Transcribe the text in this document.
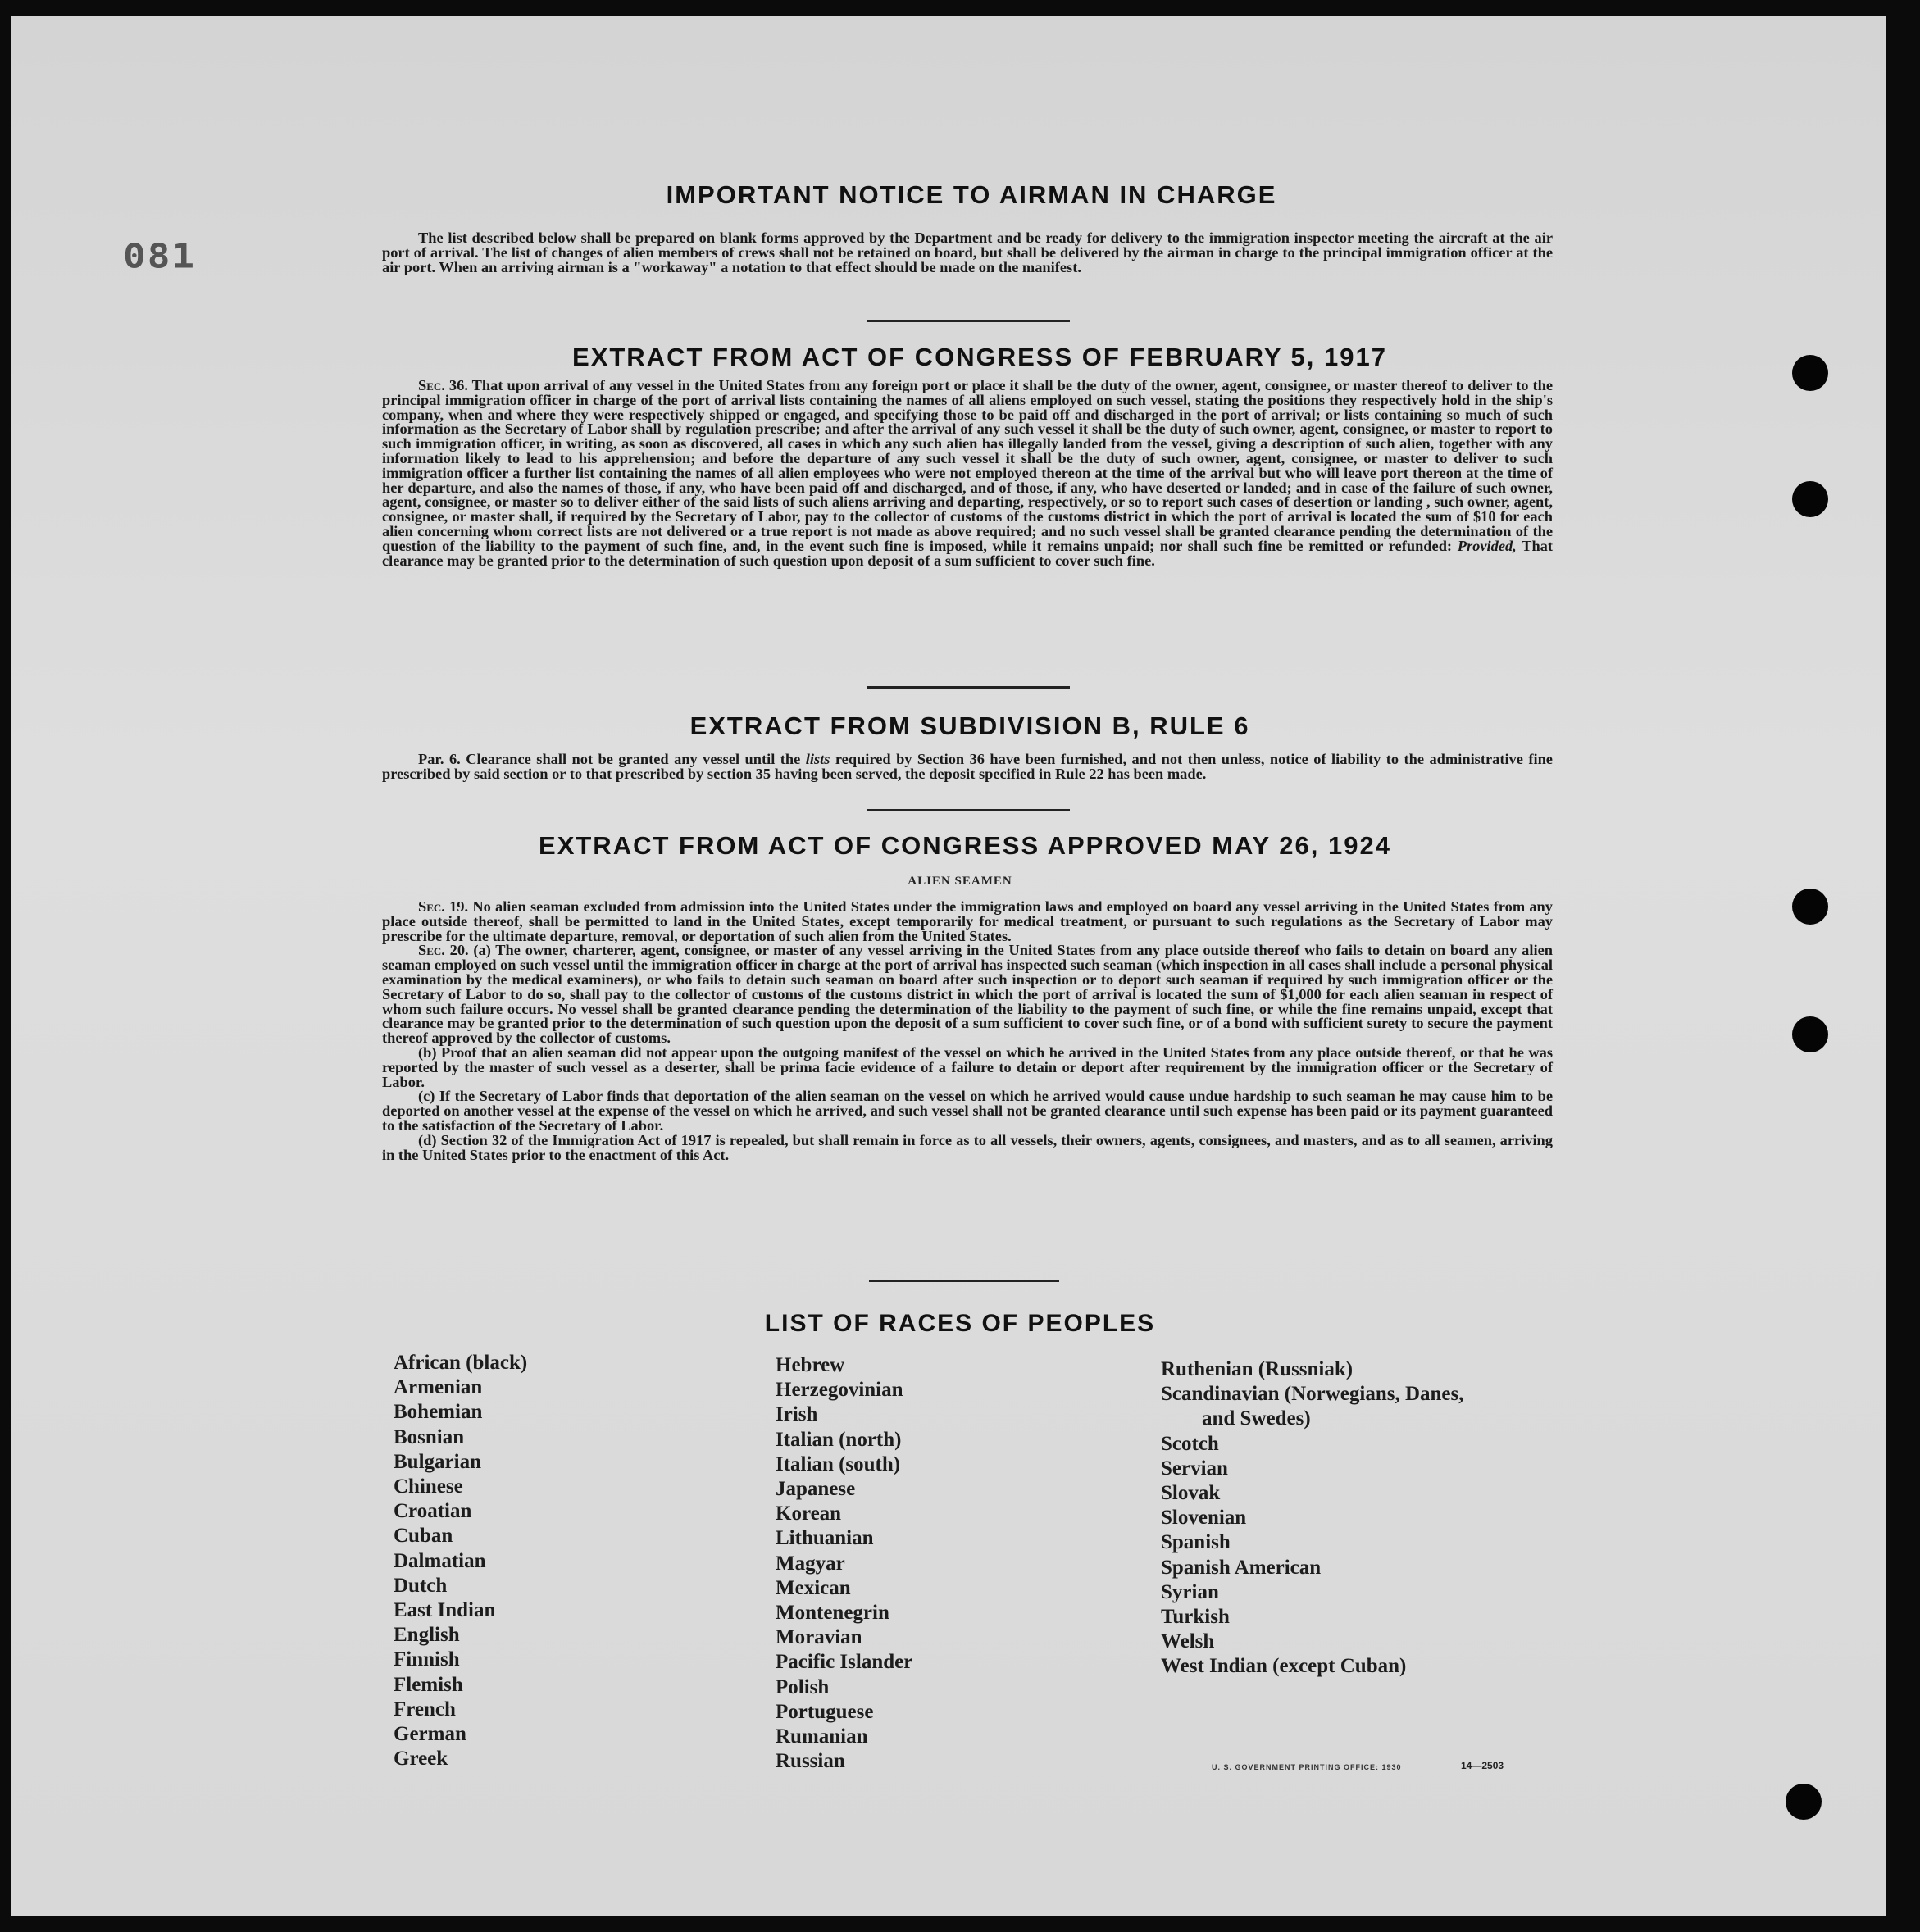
081
IMPORTANT NOTICE TO AIRMAN IN CHARGE
The list described below shall be prepared on blank forms approved by the Department and be ready for delivery to the immigration inspector meeting the aircraft at the air port of arrival. The list of changes of alien members of crews shall not be retained on board, but shall be delivered by the airman in charge to the principal immigration officer at the air port. When an arriving airman is a "workaway" a notation to that effect should be made on the manifest.
EXTRACT FROM ACT OF CONGRESS OF FEBRUARY 5, 1917
Sec. 36. That upon arrival of any vessel in the United States from any foreign port or place it shall be the duty of the owner, agent, consignee, or master thereof to deliver to the principal immigration officer in charge of the port of arrival lists containing the names of all aliens employed on such vessel, stating the positions they respectively hold in the ship's company, when and where they were respectively shipped or engaged, and specifying those to be paid off and discharged in the port of arrival; or lists containing so much of such information as the Secretary of Labor shall by regulation prescribe; and after the arrival of any such vessel it shall be the duty of such owner, agent, consignee, or master to report to such immigration officer, in writing, as soon as discovered, all cases in which any such alien has illegally landed from the vessel, giving a description of such alien, together with any information likely to lead to his apprehension; and before the departure of any such vessel it shall be the duty of such owner, agent, consignee, or master to deliver to such immigration officer a further list containing the names of all alien employees who were not employed thereon at the time of the arrival but who will leave port thereon at the time of her departure, and also the names of those, if any, who have been paid off and discharged, and of those, if any, who have deserted or landed; and in case of the failure of such owner, agent, consignee, or master so to deliver either of the said lists of such aliens arriving and departing, respectively, or so to report such cases of desertion or landing , such owner, agent, consignee, or master shall, if required by the Secretary of Labor, pay to the collector of customs of the customs district in which the port of arrival is located the sum of $10 for each alien concerning whom correct lists are not delivered or a true report is not made as above required; and no such vessel shall be granted clearance pending the determination of the question of the liability to the payment of such fine, and, in the event such fine is imposed, while it remains unpaid; nor shall such fine be remitted or refunded: Provided, That clearance may be granted prior to the determination of such question upon deposit of a sum sufficient to cover such fine.
EXTRACT FROM SUBDIVISION B, RULE 6
Par. 6. Clearance shall not be granted any vessel until the lists required by Section 36 have been furnished, and not then unless, notice of liability to the administrative fine prescribed by said section or to that prescribed by section 35 having been served, the deposit specified in Rule 22 has been made.
EXTRACT FROM ACT OF CONGRESS APPROVED MAY 26, 1924
ALIEN SEAMEN
Sec. 19. No alien seaman excluded from admission into the United States under the immigration laws and employed on board any vessel arriving in the United States from any place outside thereof, shall be permitted to land in the United States, except temporarily for medical treatment, or pursuant to such regulations as the Secretary of Labor may prescribe for the ultimate departure, removal, or deportation of such alien from the United States.
Sec. 20. (a) The owner, charterer, agent, consignee, or master of any vessel arriving in the United States from any place outside thereof who fails to detain on board any alien seaman employed on such vessel until the immigration officer in charge at the port of arrival has inspected such seaman (which inspection in all cases shall include a personal physical examination by the medical examiners), or who fails to detain such seaman on board after such inspection or to deport such seaman if required by such immigration officer or the Secretary of Labor to do so, shall pay to the collector of customs of the customs district in which the port of arrival is located the sum of $1,000 for each alien seaman in respect of whom such failure occurs. No vessel shall be granted clearance pending the determination of the liability to the payment of such fine, or while the fine remains unpaid, except that clearance may be granted prior to the determination of such question upon the deposit of a sum sufficient to cover such fine, or of a bond with sufficient surety to secure the payment thereof approved by the collector of customs.
(b) Proof that an alien seaman did not appear upon the outgoing manifest of the vessel on which he arrived in the United States from any place outside thereof, or that he was reported by the master of such vessel as a deserter, shall be prima facie evidence of a failure to detain or deport after requirement by the immigration officer or the Secretary of Labor.
(c) If the Secretary of Labor finds that deportation of the alien seaman on the vessel on which he arrived would cause undue hardship to such seaman he may cause him to be deported on another vessel at the expense of the vessel on which he arrived, and such vessel shall not be granted clearance until such expense has been paid or its payment guaranteed to the satisfaction of the Secretary of Labor.
(d) Section 32 of the Immigration Act of 1917 is repealed, but shall remain in force as to all vessels, their owners, agents, consignees, and masters, and as to all seamen, arriving in the United States prior to the enactment of this Act.
LIST OF RACES OF PEOPLES
African (black)
Armenian
Bohemian
Bosnian
Bulgarian
Chinese
Croatian
Cuban
Dalmatian
Dutch
East Indian
English
Finnish
Flemish
French
German
Greek
Hebrew
Herzegovinian
Irish
Italian (north)
Italian (south)
Japanese
Korean
Lithuanian
Magyar
Mexican
Montenegrin
Moravian
Pacific Islander
Polish
Portuguese
Rumanian
Russian
Ruthenian (Russniak)
Scandinavian (Norwegians, Danes,
and Swedes)
Scotch
Servian
Slovak
Slovenian
Spanish
Spanish American
Syrian
Turkish
Welsh
West Indian (except Cuban)
U. S. GOVERNMENT PRINTING OFFICE: 1930	14—2503
